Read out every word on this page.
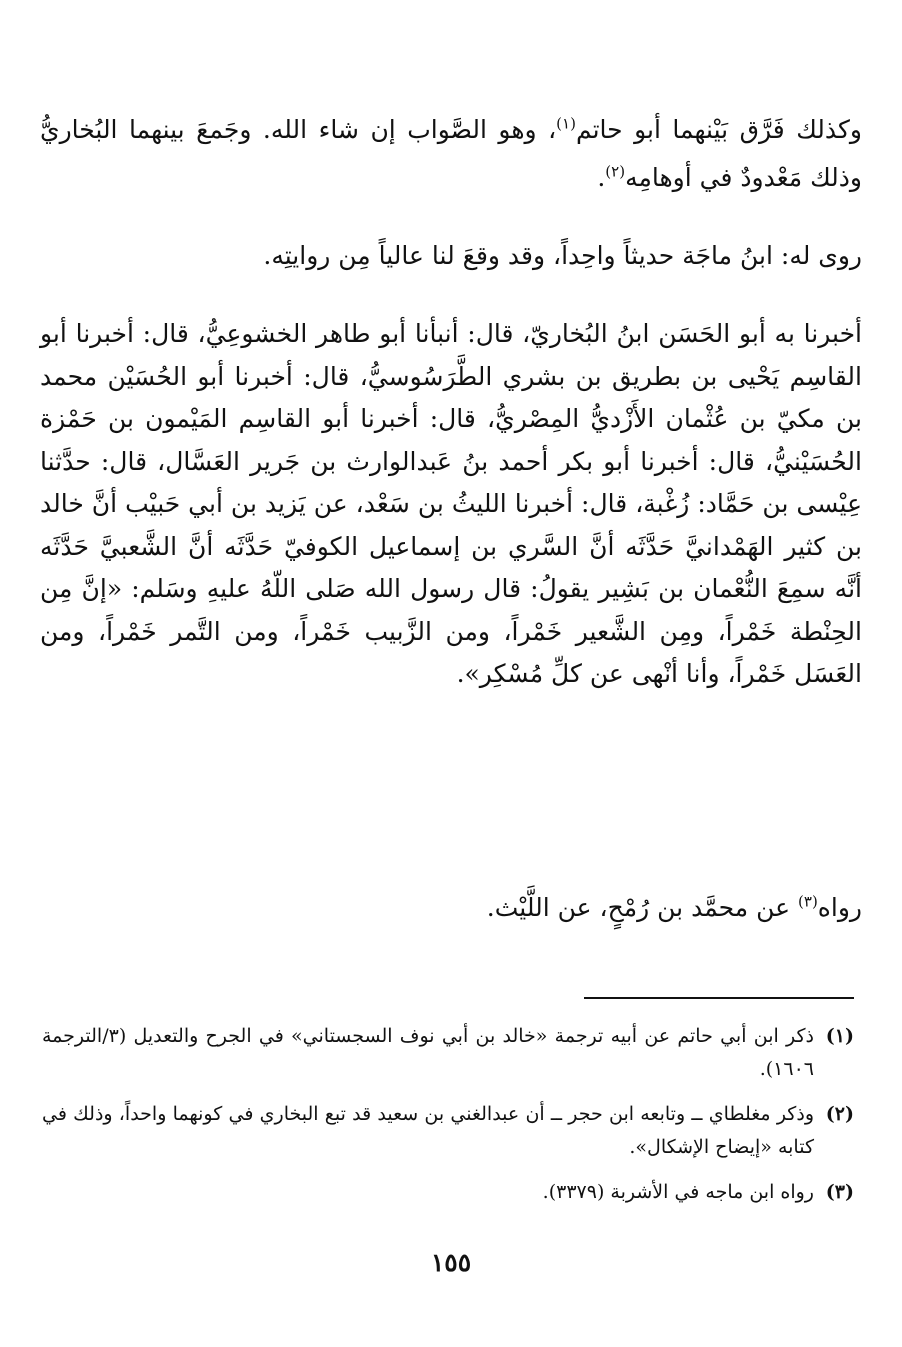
وكذلك فَرَّق بَيْنهما أبو حاتم$^{(١)}$، وهو الصَّواب إن شاء الله. وجَمعَ بينهما البُخاريُّ وذلك مَعْدودٌ في أوهامِه$^{(٢)}$.
روى له: ابنُ ماجَة حديثاً واحِداً، وقد وقعَ لنا عالياً مِن روايتِه.
أخبرنا به أبو الحَسَن ابنُ البُخاريّ، قال: أنبأنا أبو طاهر الخشوعِيُّ، قال: أخبرنا أبو القاسِم يَحْيى بن بطريق بن بشري الطَّرَسُوسيُّ، قال: أخبرنا أبو الحُسَيْن محمد بن مكيّ بن عُثْمان الأَزْديُّ المِصْريُّ، قال: أخبرنا أبو القاسِم المَيْمون بن حَمْزة الحُسَيْنيُّ، قال: أخبرنا أبو بكر أحمد بنُ عَبدالوارث بن جَرير العَسَّال، قال: حدَّثنا عِيْسى بن حَمَّاد: زُغْبة، قال: أخبرنا الليثُ بن سَعْد، عن يَزيد بن أبي حَبيْب أنَّ خالد بن كثير الهَمْدانيَّ حَدَّثَه أنَّ السَّري بن إسماعيل الكوفيّ حَدَّثَه أنَّ الشَّعبيَّ حَدَّثَه أنَّه سمِعَ النُّعْمان بن بَشِير يقولُ: قال رسول الله صَلى اللّهُ عليهِ وسَلم: «إنَّ مِن الحِنْطة خَمْراً، ومِن الشَّعير خَمْراً، ومن الزَّبيب خَمْراً، ومن التَّمر خَمْراً، ومن العَسَل خَمْراً، وأنا أنْهى عن كلِّ مُسْكِر».
رواه$^{(٣)}$ عن محمَّد بن رُمْحٍ، عن اللَّيْث.
(١)
ذكر ابن أبي حاتم عن أبيه ترجمة «خالد بن أبي نوف السجستاني» في الجرح والتعديل (٣/الترجمة ١٦٠٦).
(٢)
وذكر مغلطاي ــ وتابعه ابن حجر ــ أن عبدالغني بن سعيد قد تبع البخاري في كونهما واحداً، وذلك في كتابه «إيضاح الإشكال».
(٣)
رواه ابن ماجه في الأشربة (٣٣٧٩).
١٥٥
